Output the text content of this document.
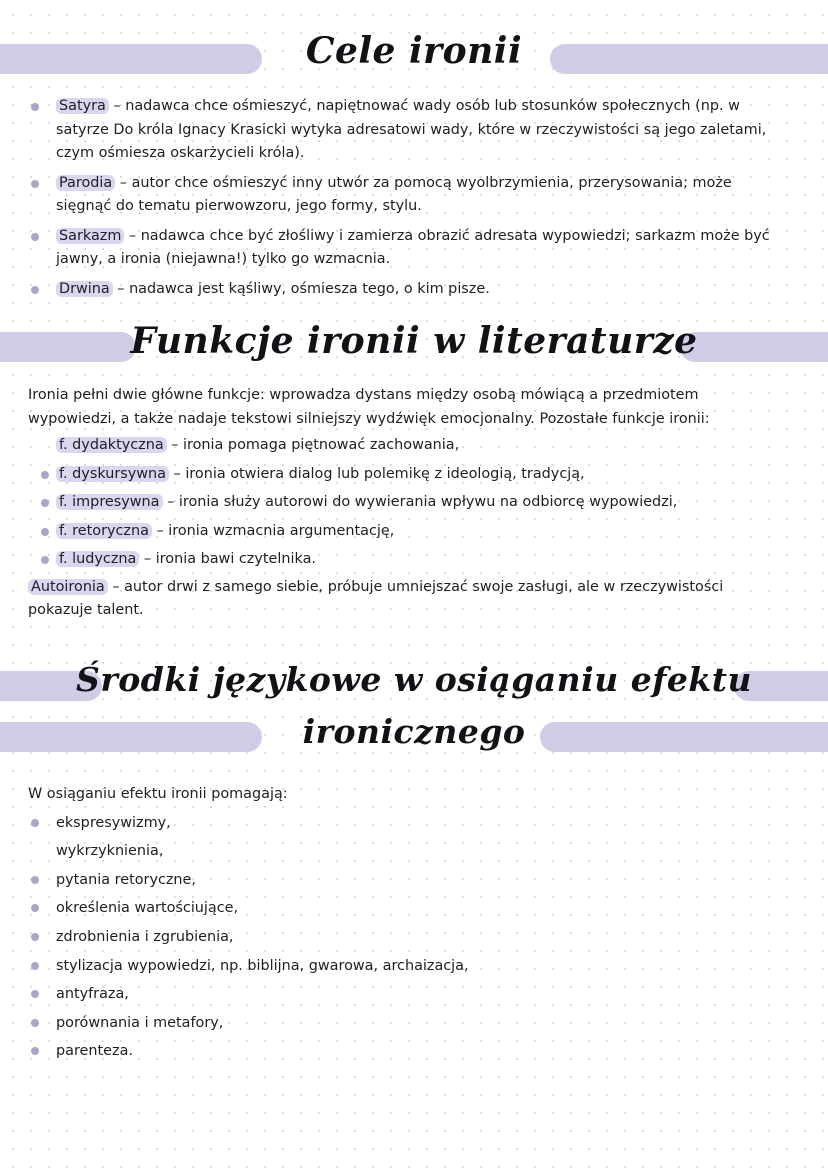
Cele ironii
Satyra – nadawca chce ośmieszyć, napiętnować wady osób lub stosunków społecznych (np. w satyrze Do króla Ignacy Krasicki wytyka adresatowi wady, które w rzeczywistości są jego zaletami, czym ośmiesza oskarżycieli króla).
Parodia – autor chce ośmieszyć inny utwór za pomocą wyolbrzymienia, przerysowania; może sięgnąć do tematu pierwowzoru, jego formy, stylu.
Sarkazm – nadawca chce być złośliwy i zamierza obrazić adresata wypowiedzi; sarkazm może być jawny, a ironia (niejawna!) tylko go wzmacnia.
Drwina – nadawca jest kąśliwy, ośmiesza tego, o kim pisze.
Funkcje ironii w literaturze
Ironia pełni dwie główne funkcje: wprowadza dystans między osobą mówiącą a przedmiotem wypowiedzi, a także nadaje tekstowi silniejszy wydźwięk emocjonalny. Pozostałe funkcje ironii:
f. dydaktyczna – ironia pomaga piętnować zachowania,
f. dyskursywna – ironia otwiera dialog lub polemikę z ideologią, tradycją,
f. impresywna – ironia służy autorowi do wywierania wpływu na odbiorcę wypowiedzi,
f. retoryczna – ironia wzmacnia argumentację,
f. ludyczna – ironia bawi czytelnika.
Autoironia – autor drwi z samego siebie, próbuje umniejszać swoje zasługi, ale w rzeczywistości pokazuje talent.
Środki językowe w osiąganiu efektu
ironicznego
W osiąganiu efektu ironii pomagają:
ekspresywizmy,
wykrzyknienia,
pytania retoryczne,
określenia wartościujące,
zdrobnienia i zgrubienia,
stylizacja wypowiedzi, np. biblijna, gwarowa, archaizacja,
antyfraza,
porównania i metafory,
parenteza.
